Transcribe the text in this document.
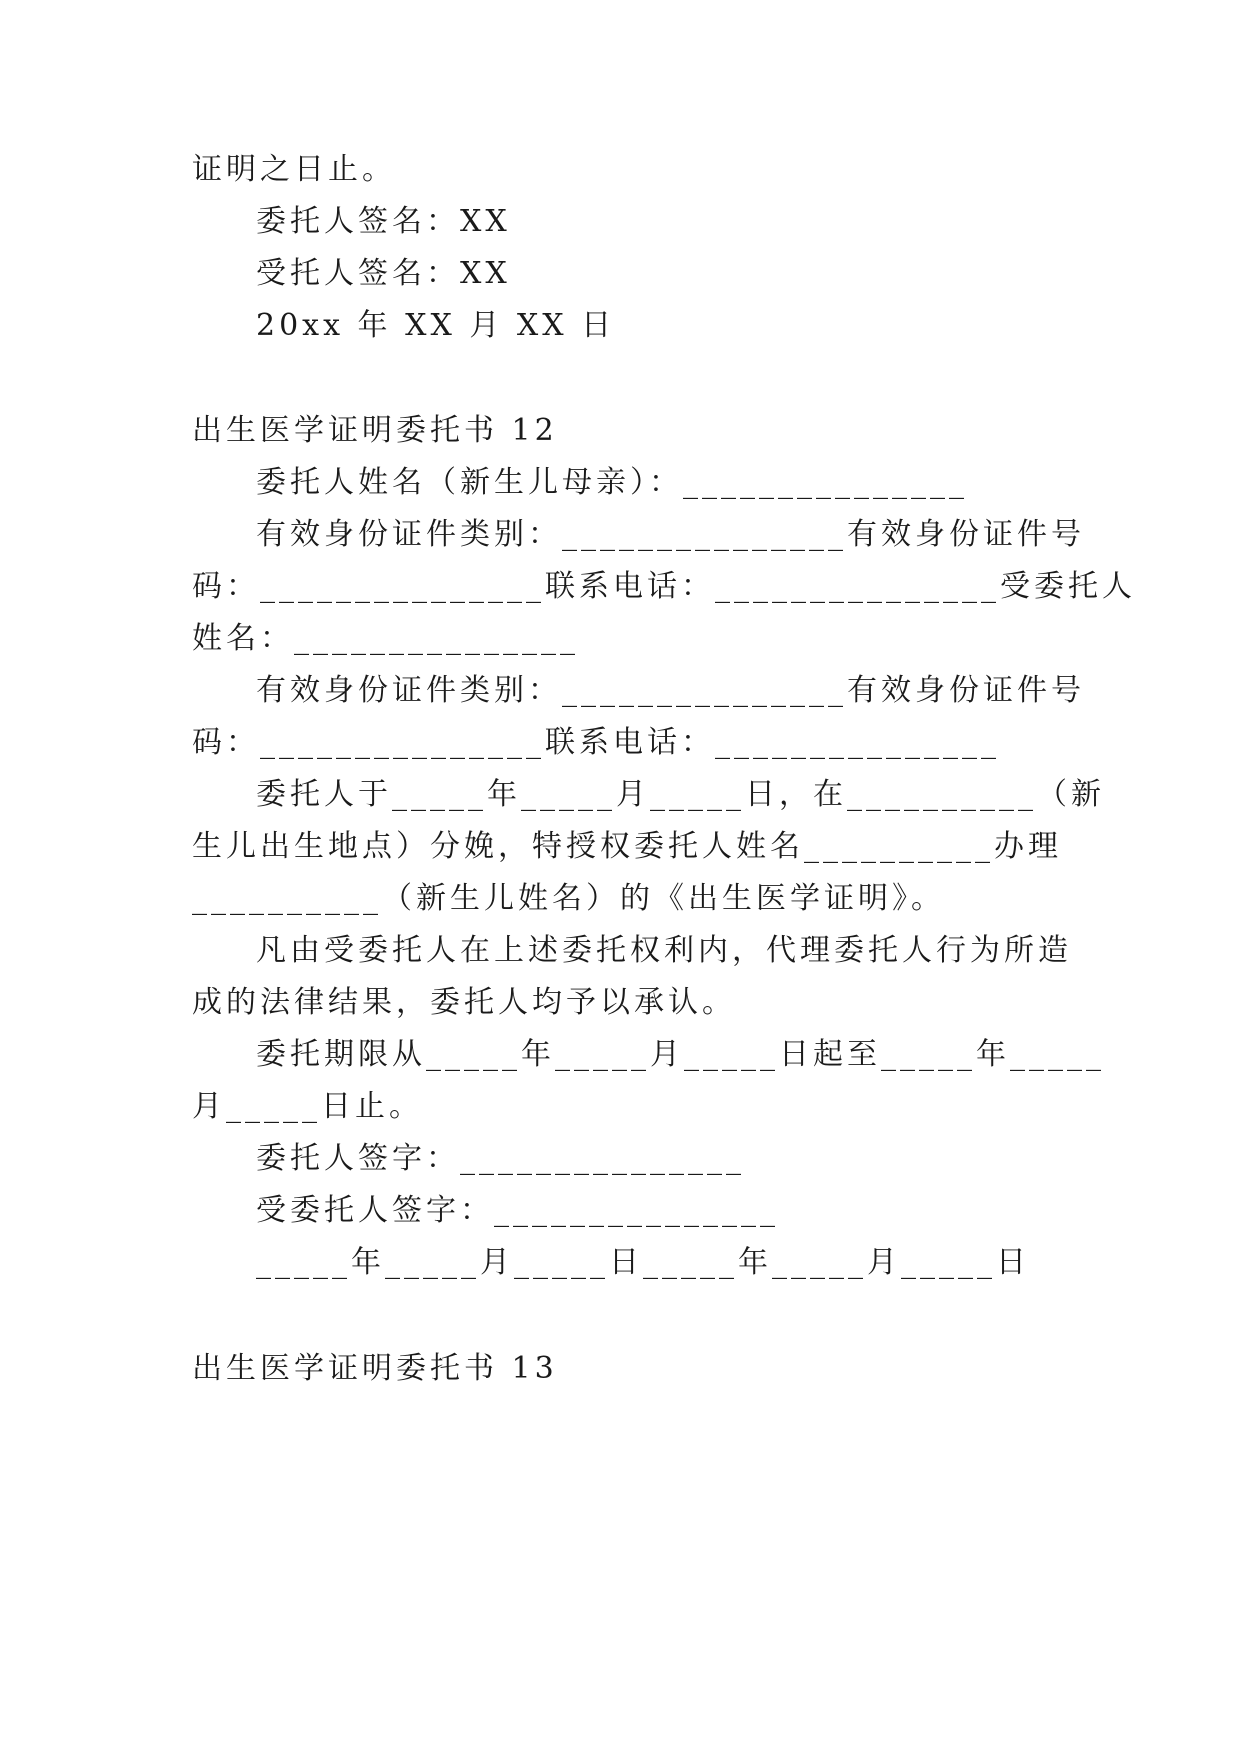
证明之日止。
委托人签名：XX
受托人签名：XX
20xx 年 XX 月 XX 日
出生医学证明委托书 12
委托人姓名（新生儿母亲）：_______________
有效身份证件类别：_______________有效身份证件号
码：_______________联系电话：_______________受委托人
姓名：_______________
有效身份证件类别：_______________有效身份证件号
码：_______________联系电话：_______________
委托人于_____年_____月_____日，在__________（新
生儿出生地点）分娩，特授权委托人姓名__________办理
__________（新生儿姓名）的《出生医学证明》。
凡由受委托人在上述委托权利内，代理委托人行为所造
成的法律结果，委托人均予以承认。
委托期限从_____年_____月_____日起至_____年_____
月_____日止。
委托人签字：_______________
受委托人签字：_______________
_____年_____月_____日_____年_____月_____日
出生医学证明委托书 13
